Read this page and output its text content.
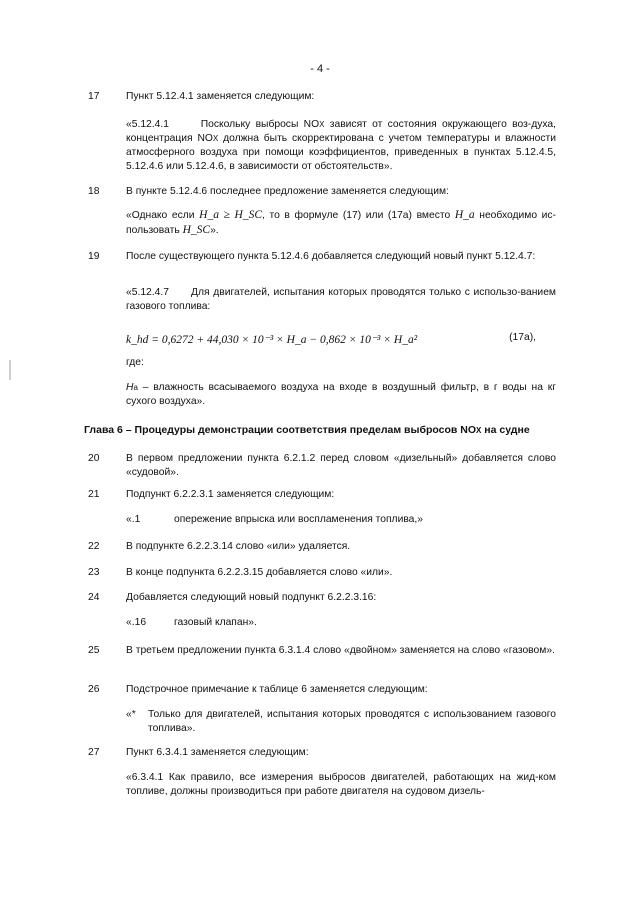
- 4 -
17	Пункт 5.12.4.1 заменяется следующим:
«5.12.4.1	Поскольку выбросы NOX зависят от состояния окружающего воз-духа, концентрация NOX должна быть скорректирована с учетом температуры и влажности атмосферного воздуха при помощи коэффициентов, приведенных в пунктах 5.12.4.5, 5.12.4.6 или 5.12.4.6, в зависимости от обстоятельств».
18	В пункте 5.12.4.6 последнее предложение заменяется следующим:
«Однако если H_a ≥ H_SC, то в формуле (17) или (17a) вместо H_a необходимо ис-пользовать H_SC».
19	После существующего пункта 5.12.4.6 добавляется следующий новый пункт 5.12.4.7:
«5.12.4.7 Для двигателей, испытания которых проводятся только с использо-ванием газового топлива:
k_hd = 0,6272 + 44,030 × 10⁻³ × H_a − 0,862 × 10⁻³ × H_a²	(17a),
где:
Ha – влажность всасываемого воздуха на входе в воздушный фильтр, в г воды на кг сухого воздуха».
Глава 6 – Процедуры демонстрации соответствия пределам выбросов NOX на судне
20	В первом предложении пункта 6.2.1.2 перед словом «дизельный» добавляется слово «судовой».
21	Подпункт 6.2.2.3.1 заменяется следующим:
«.1	опережение впрыска или воспламенения топлива,»
22	В подпункте 6.2.2.3.14 слово «или» удаляется.
23	В конце подпункта 6.2.2.3.15 добавляется слово «или».
24	Добавляется следующий новый подпункт 6.2.2.3.16:
«.16	газовый клапан».
25	В третьем предложении пункта 6.3.1.4 слово «двойном» заменяется на слово «газовом».
26	Подстрочное примечание к таблице 6 заменяется следующим:
«*	Только для двигателей, испытания которых проводятся с использованием газового топлива».
27	Пункт 6.3.4.1 заменяется следующим:
«6.3.4.1 Как правило, все измерения выбросов двигателей, работающих на жид-ком топливе, должны производиться при работе двигателя на судовом дизель-
